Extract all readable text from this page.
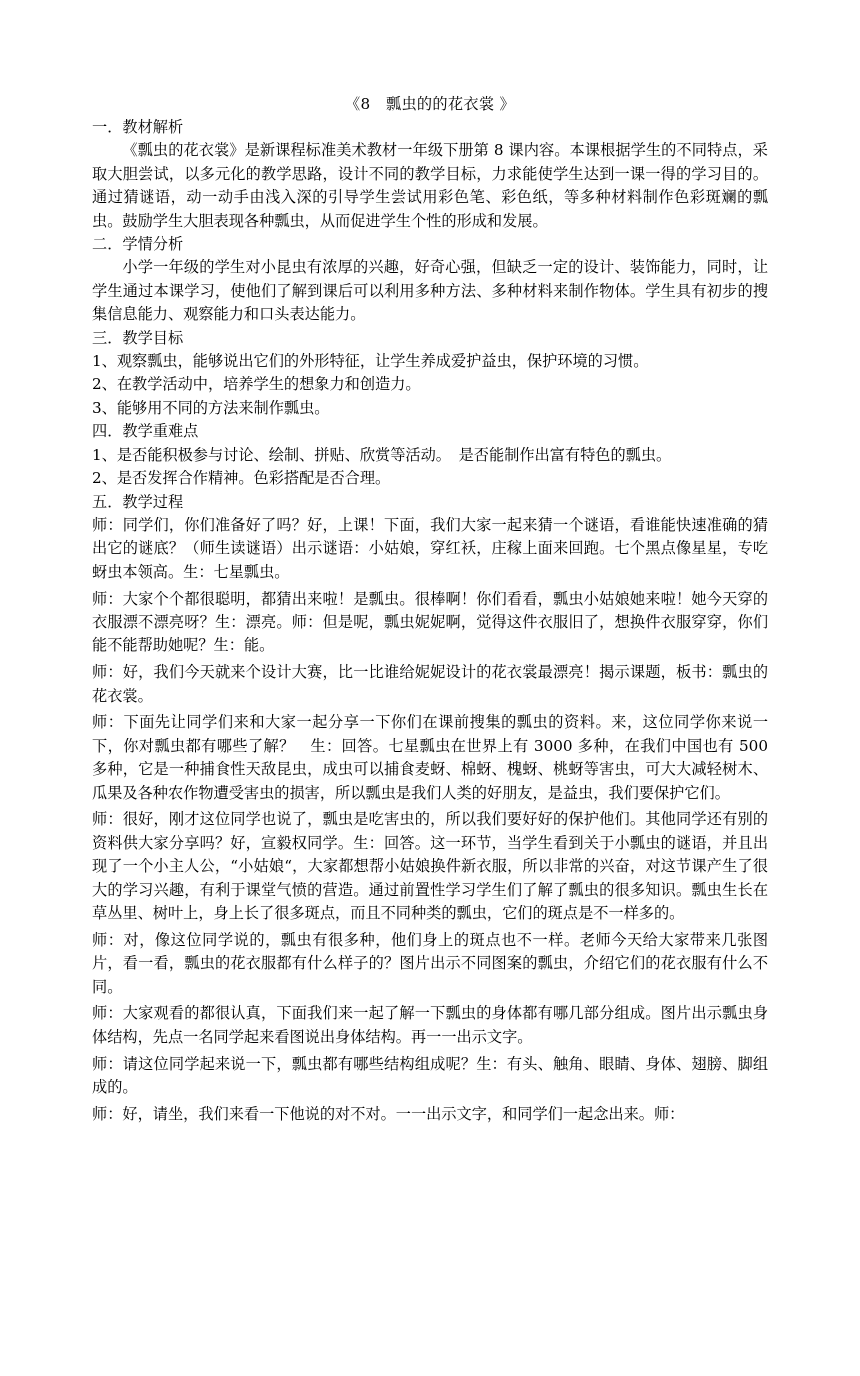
《8　瓢虫的的花衣裳 》

一．教材解析

《瓢虫的花衣裳》是新课程标准美术教材一年级下册第 8 课内容。本课根据学生的不同特点，采取大胆尝试，以多元化的教学思路，设计不同的教学目标，力求能使学生达到一课一得的学习目的。通过猜谜语，动一动手由浅入深的引导学生尝试用彩色笔、彩色纸，等多种材料制作色彩斑斓的瓢虫。鼓励学生大胆表现各种瓢虫，从而促进学生个性的形成和发展。

二．学情分析

小学一年级的学生对小昆虫有浓厚的兴趣，好奇心强，但缺乏一定的设计、装饰能力，同时，让学生通过本课学习，使他们了解到课后可以利用多种方法、多种材料来制作物体。学生具有初步的搜集信息能力、观察能力和口头表达能力。

三．教学目标

1、观察瓢虫，能够说出它们的外形特征，让学生养成爱护益虫，保护环境的习惯。

2、在教学活动中，培养学生的想象力和创造力。

3、能够用不同的方法来制作瓢虫。

四．教学重难点

1、是否能积极参与讨论、绘制、拼贴、欣赏等活动。　是否能制作出富有特色的瓢虫。

2、是否发挥合作精神。色彩搭配是否合理。

五．教学过程

师：同学们，你们准备好了吗？好，上课！下面，我们大家一起来猜一个谜语，看谁能快速准确的猜出它的谜底？（师生读谜语）出示谜语：小姑娘，穿红袄，庄稼上面来回跑。七个黑点像星星，专吃蚜虫本领高。生：七星瓢虫。

师：大家个个都很聪明，都猜出来啦！是瓢虫。很棒啊！你们看看，瓢虫小姑娘她来啦！她今天穿的衣服漂不漂亮呀？生：漂亮。师：但是呢，瓢虫妮妮啊，觉得这件衣服旧了，想换件衣服穿穿，你们能不能帮助她呢？生：能。

师：好，我们今天就来个设计大赛，比一比谁给妮妮设计的花衣裳最漂亮！揭示课题，板书：瓢虫的花衣裳。

师：下面先让同学们来和大家一起分享一下你们在课前搜集的瓢虫的资料。来，这位同学你来说一下，你对瓢虫都有哪些了解？　生：回答。七星瓢虫在世界上有 3000 多种，在我们中国也有 500 多种，它是一种捕食性天敌昆虫，成虫可以捕食麦蚜、棉蚜、槐蚜、桃蚜等害虫，可大大减轻树木、瓜果及各种农作物遭受害虫的损害，所以瓢虫是我们人类的好朋友，是益虫，我们要保护它们。

师：很好，刚才这位同学也说了，瓢虫是吃害虫的，所以我们要好好的保护他们。其他同学还有别的资料供大家分享吗？好，宣毅权同学。生：回答。这一环节，当学生看到关于小瓢虫的谜语，并且出现了一个小主人公，“小姑娘“，大家都想帮小姑娘换件新衣服，所以非常的兴奋，对这节课产生了很大的学习兴趣，有利于课堂气愤的营造。通过前置性学习学生们了解了瓢虫的很多知识。瓢虫生长在草丛里、树叶上，身上长了很多斑点，而且不同种类的瓢虫，它们的斑点是不一样多的。

师：对，像这位同学说的，瓢虫有很多种，他们身上的斑点也不一样。老师今天给大家带来几张图片，看一看，瓢虫的花衣服都有什么样子的？图片出示不同图案的瓢虫，介绍它们的花衣服有什么不同。

师：大家观看的都很认真，下面我们来一起了解一下瓢虫的身体都有哪几部分组成。图片出示瓢虫身体结构，先点一名同学起来看图说出身体结构。再一一出示文字。

师：请这位同学起来说一下，瓢虫都有哪些结构组成呢？生：有头、触角、眼睛、身体、翅膀、脚组成的。

师：好，请坐，我们来看一下他说的对不对。一一出示文字，和同学们一起念出来。师：
